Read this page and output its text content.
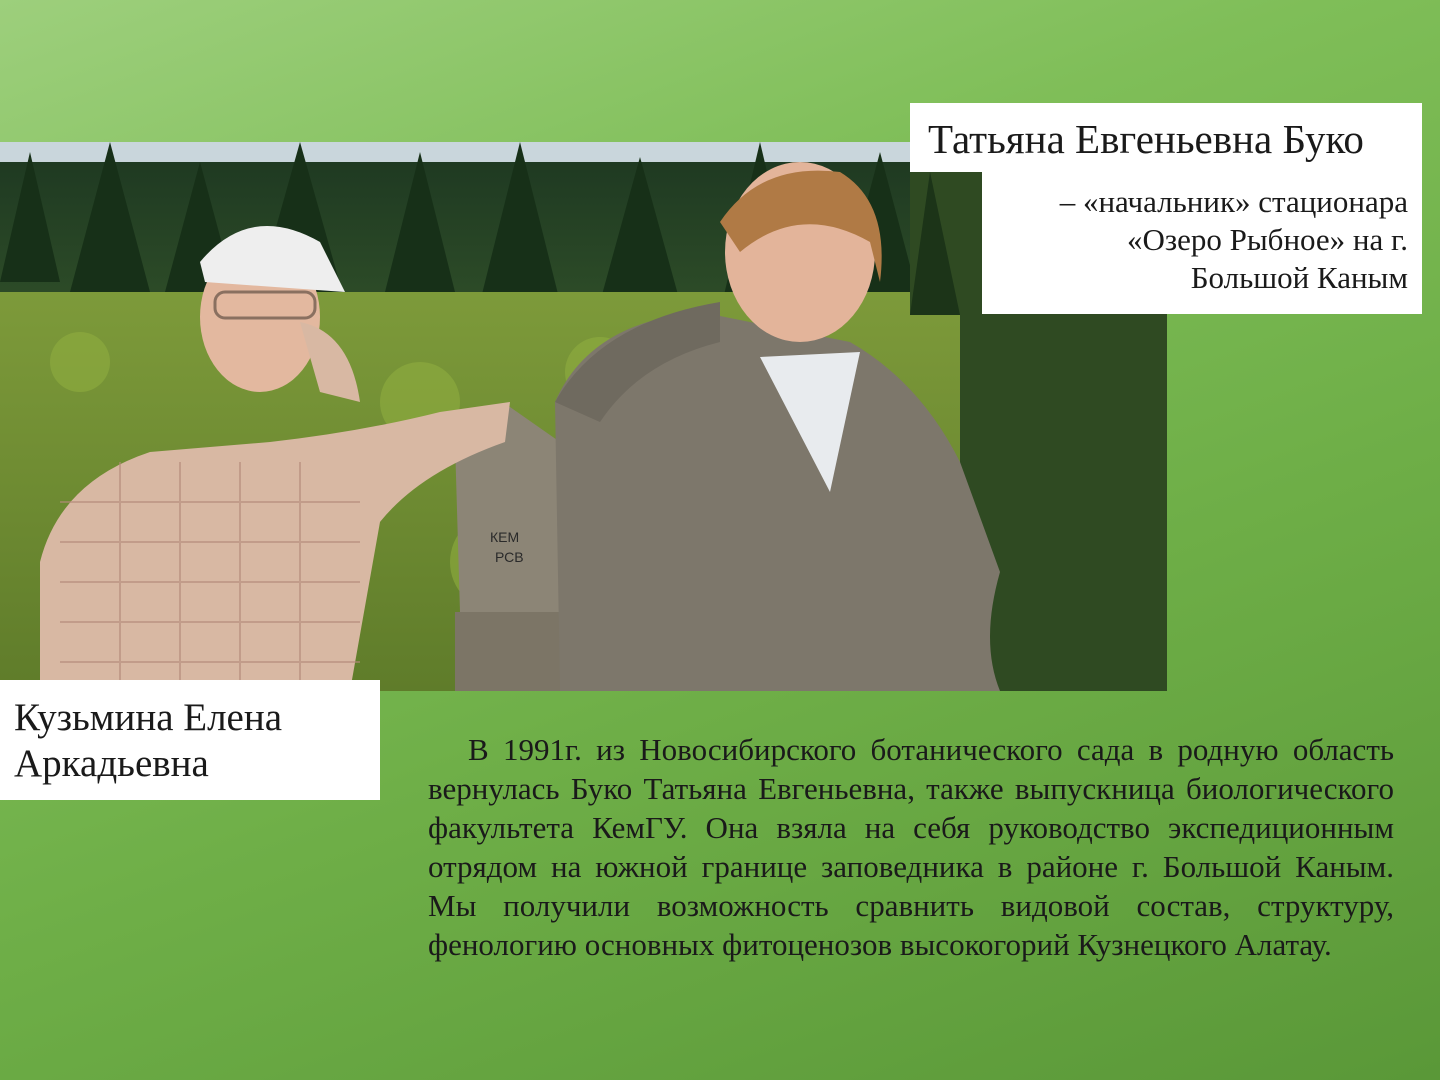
КЕМ
РСВ
Татьяна Евгеньевна Буко
– «начальник» стационара
«Озеро Рыбное» на г.
Большой Каным
Кузьмина Елена
Аркадьевна	В 1991г. из Новосибирского ботанического сада в родную область вернулась Буко Татьяна Евгеньевна, также выпускница биологического факультета КемГУ. Она взяла на себя руководство экспедиционным отрядом на южной границе заповедника в районе г. Большой Каным. Мы получили возможность сравнить видовой состав, структуру, фенологию основных фитоценозов высокогорий Кузнецкого Алатау.
